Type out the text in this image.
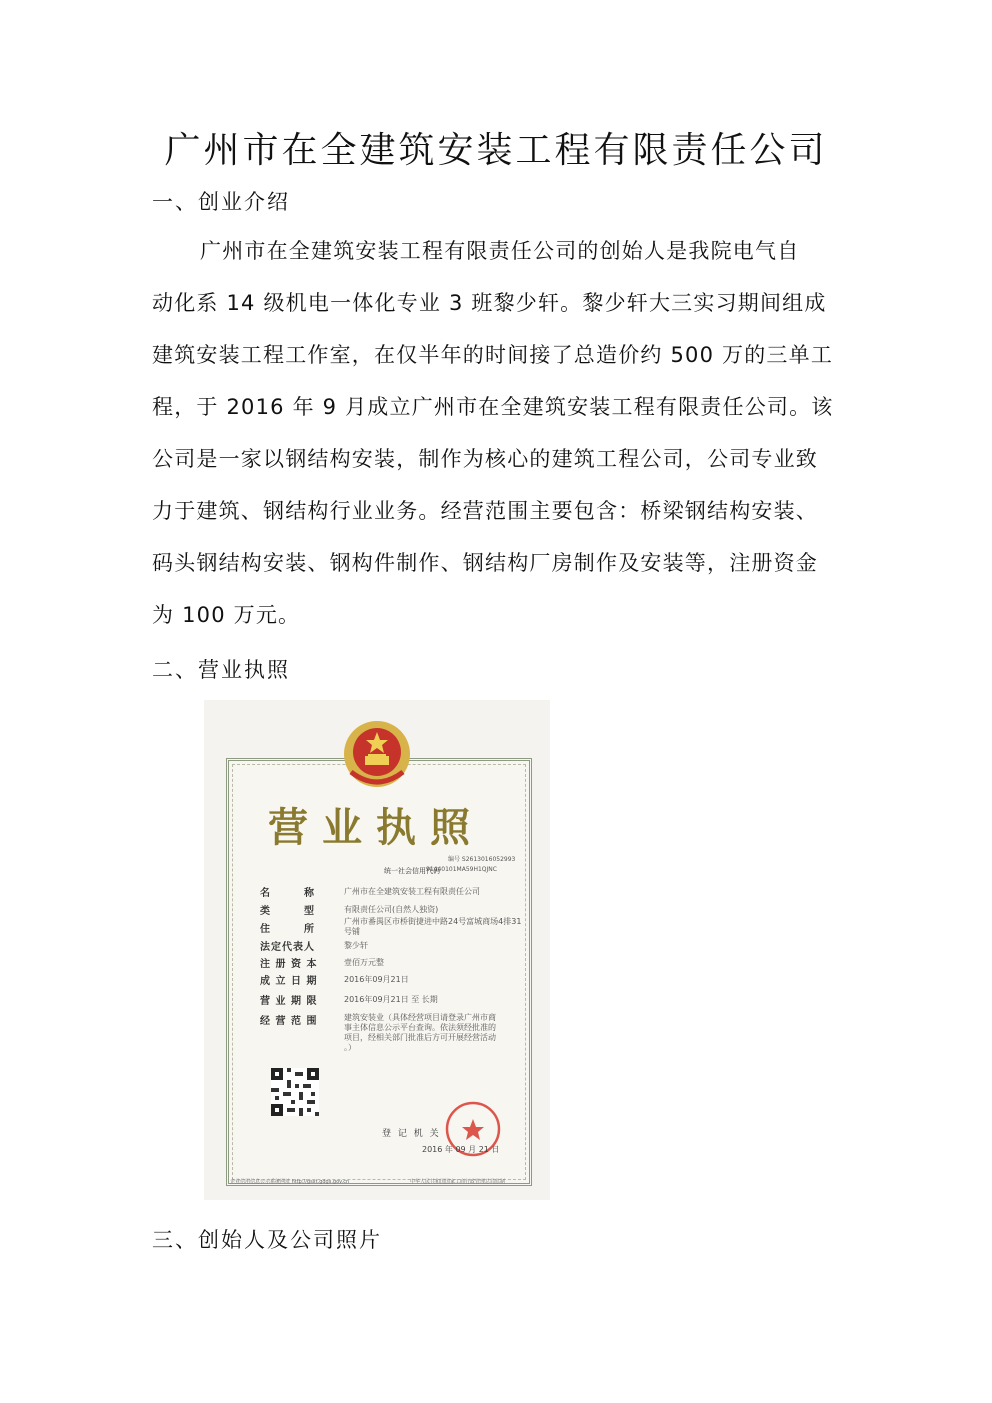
广州市在全建筑安装工程有限责任公司
一、创业介绍
广州市在全建筑安装工程有限责任公司的创始人是我院电气自
动化系 14 级机电一体化专业 3 班黎少轩。黎少轩大三实习期间组成
建筑安装工程工作室，在仅半年的时间接了总造价约 500 万的三单工
程，于 2016 年 9 月成立广州市在全建筑安装工程有限责任公司。该
公司是一家以钢结构安装，制作为核心的建筑工程公司，公司专业致
力于建筑、钢结构行业业务。经营范围主要包含：桥梁钢结构安装、
码头钢结构安装、钢构件制作、钢结构厂房制作及安装等，注册资金
为 100 万元。
二、营业执照
营业执照
编号 S2613016052993
统一社会信用代码
91440101MA59H1QJNC
名　　　称	广州市在全建筑安装工程有限责任公司
类　　　型	有限责任公司(自然人独资)
住　　　所
广州市番禺区市桥街捷进中路24号富城商场4排31
号铺
法定代表人	黎少轩
注 册 资 本	壹佰万元整
成 立 日 期	2016年09月21日
营 业 期 限	2016年09月21日 至 长期
经 营 范 围	建筑安装业（具体经营项目请登录广州市商
事主体信息公示平台查询。依法须经批准的
项目，经相关部门批准后方可开展经营活动
。）
登 记 机 关
2016 年 09 月 21 日
企业信用信息公示系统网址 http://gsxt.gdgs.gov.cn	中华人民共和国国家工商行政管理总局监制
三、创始人及公司照片
